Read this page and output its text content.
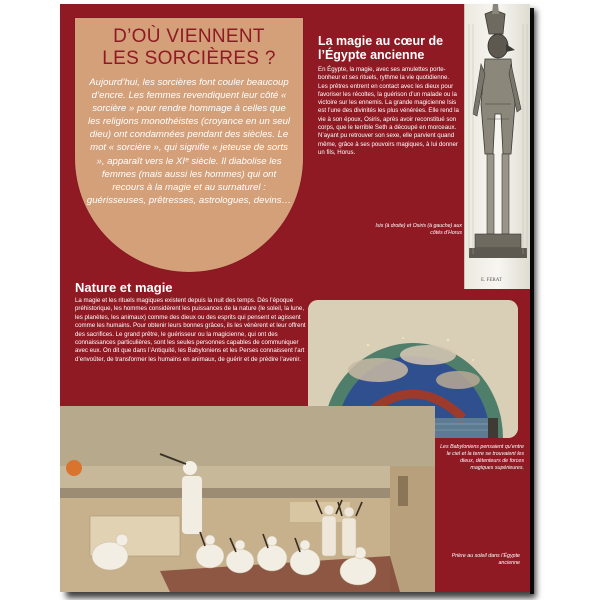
D’OÙ VIENNENT
LES SORCIÈRES ?

Aujourd’hui, les sorcières font couler beaucoup d’encre. Les femmes revendiquent leur côté « sorcière » pour rendre hommage à celles que les religions monothéistes (croyance en un seul dieu) ont condamnées pendant des siècles. Le mot « sorcière », qui signifie « jeteuse de sorts », apparaît vers le XIᵉ siècle. Il diabolise les femmes (mais aussi les hommes) qui ont recours à la magie et au surnaturel : guérisseuses, prêtresses, astrologues, devins…

La magie au cœur de l’Égypte ancienne

En Égypte, la magie, avec ses amulettes porte-bonheur et ses rituels, rythme la vie quotidienne. Les prêtres entrent en contact avec les dieux pour favoriser les récoltes, la guérison d’un malade ou la victoire sur les ennemis. La grande magicienne Isis est l’une des divinités les plus vénérées. Elle rend la vie à son époux, Osiris, après avoir reconstitué son corps, que le terrible Seth a découpé en morceaux. N’ayant pu retrouver son sexe, elle parvient quand même, grâce à ses pouvoirs magiques, à lui donner un fils, Horus.

Isis (à droite) et Osiris (à gauche) aux côtés d’Horus

E. FERAT
Nature et magie

La magie et les rituels magiques existent depuis la nuit des temps. Dès l’époque préhistorique, les hommes considèrent les puissances de la nature (le soleil, la lune, les planètes, les animaux) comme des dieux ou des esprits qui pensent et agissent comme les humains. Pour obtenir leurs bonnes grâces, ils les vénèrent et leur offrent des sacrifices. Le grand prêtre, le guérisseur ou la magicienne, qui ont des connaissances particulières, sont les seules personnes capables de communiquer avec eux. On dit que dans l’Antiquité, les Babyloniens et les Perses connaissent l’art d’envoûter, de transformer les humains en animaux, de guérir et de prédire l’avenir.

Les Babyloniens pensaient qu’entre le ciel et la terre se trouvaient les dieux, détenteurs de forces magiques supérieures.

Prière au soleil dans l’Égypte ancienne
